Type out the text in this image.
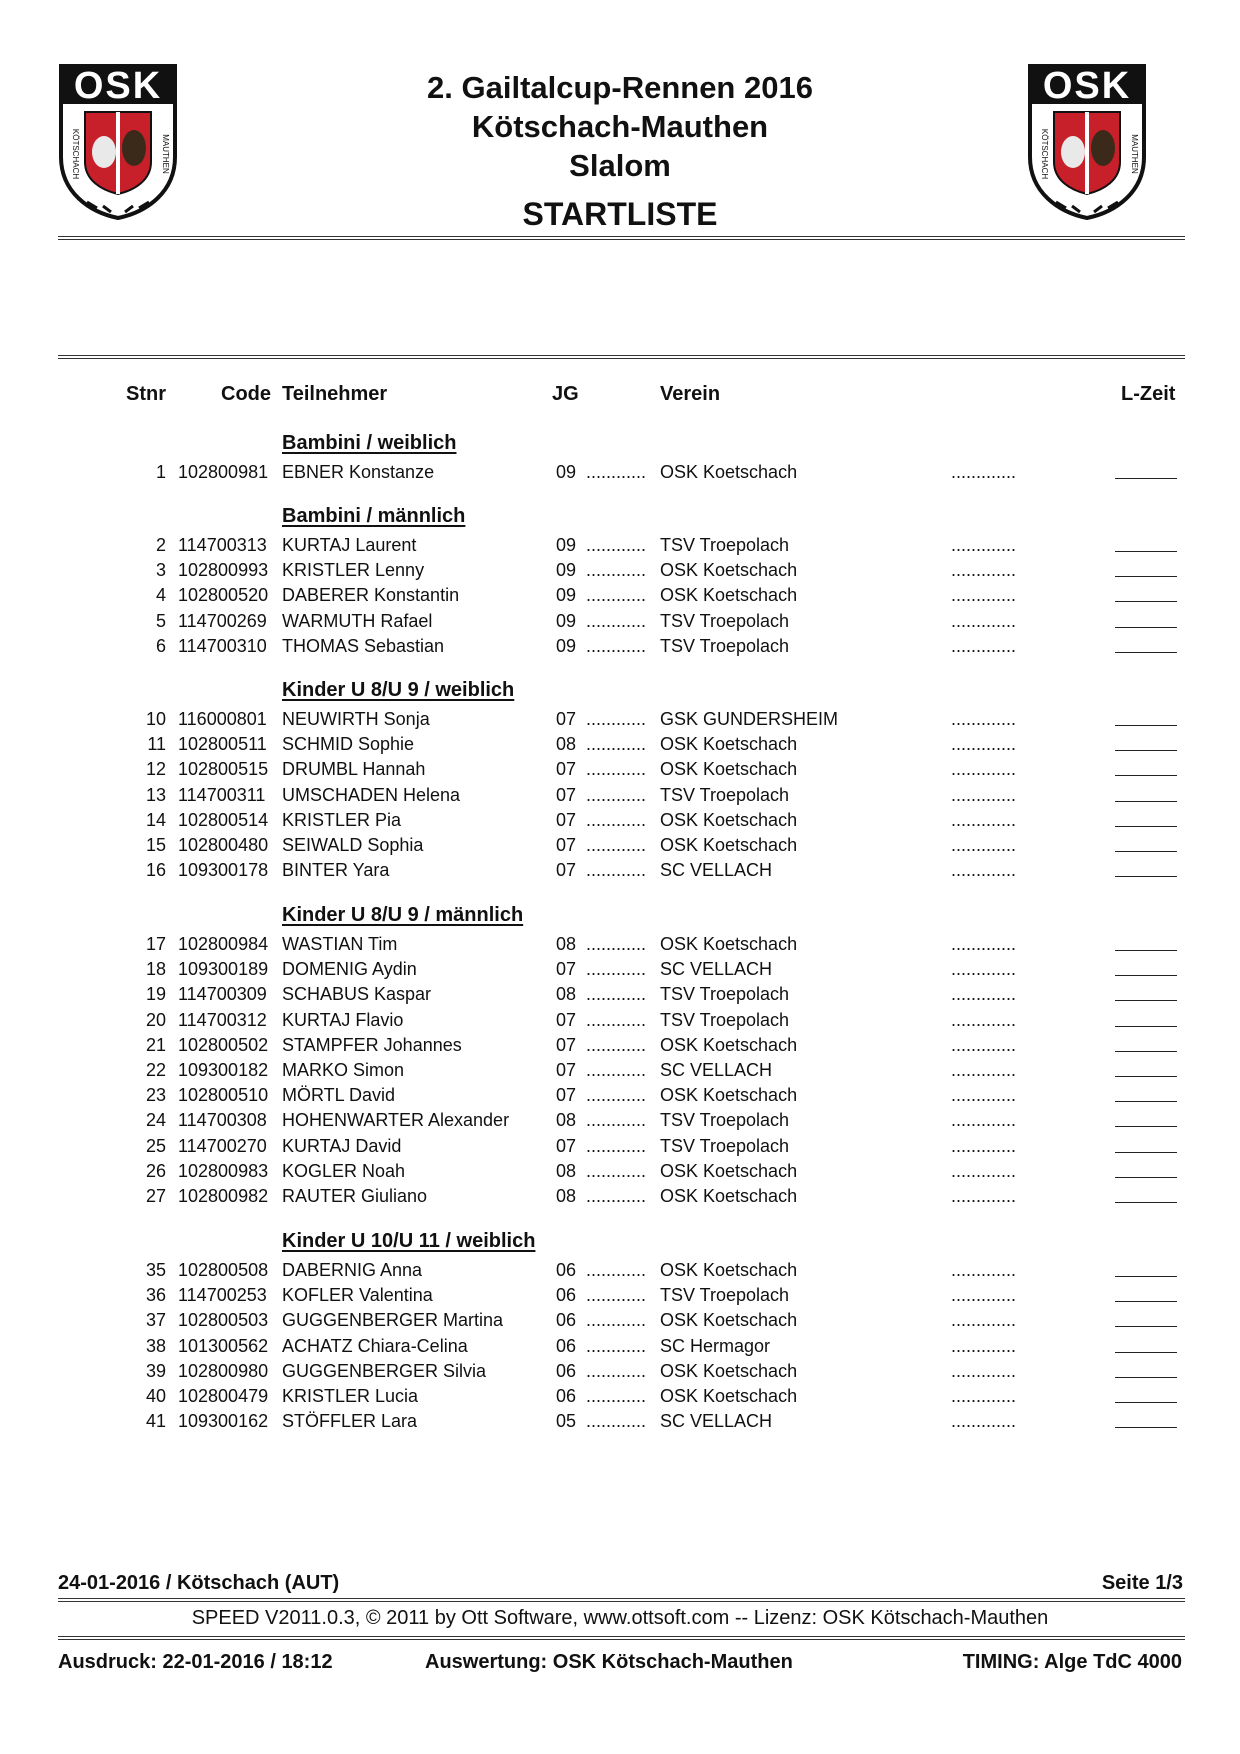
OSK
KÖTSCHACH	MAUTHEN
OSK
KÖTSCHACH	MAUTHEN
2. Gailtalcup-Rennen 2016
Kötschach-Mauthen
Slalom
STARTLISTE
Stnr	Code Teilnehmer	JG	Verein	L-Zeit
Bambini / weiblich
1 102800981 EBNER Konstanze	09 ............ OSK Koetschach	.............
Bambini / männlich
2 114700313 KURTAJ Laurent	09 ............ TSV Troepolach	.............
3 102800993 KRISTLER Lenny	09 ............ OSK Koetschach	.............
4 102800520 DABERER Konstantin	09 ............ OSK Koetschach	.............
5 114700269 WARMUTH Rafael	09 ............ TSV Troepolach	.............
6 114700310 THOMAS Sebastian	09 ............ TSV Troepolach	.............
Kinder U 8/U 9 / weiblich
10 116000801 NEUWIRTH Sonja	07 ............ GSK GUNDERSHEIM	.............
11 102800511 SCHMID Sophie	08 ............ OSK Koetschach	.............
12 102800515 DRUMBL Hannah	07 ............ OSK Koetschach	.............
13 114700311 UMSCHADEN Helena	07 ............ TSV Troepolach	.............
14 102800514 KRISTLER Pia	07 ............ OSK Koetschach	.............
15 102800480 SEIWALD Sophia	07 ............ OSK Koetschach	.............
16 109300178 BINTER Yara	07 ............ SC VELLACH	.............
Kinder U 8/U 9 / männlich
17 102800984 WASTIAN Tim	08 ............ OSK Koetschach	.............
18 109300189 DOMENIG Aydin	07 ............ SC VELLACH	.............
19 114700309 SCHABUS Kaspar	08 ............ TSV Troepolach	.............
20 114700312 KURTAJ Flavio	07 ............ TSV Troepolach	.............
21 102800502 STAMPFER Johannes	07 ............ OSK Koetschach	.............
22 109300182 MARKO Simon	07 ............ SC VELLACH	.............
23 102800510 MÖRTL David	07 ............ OSK Koetschach	.............
24 114700308 HOHENWARTER Alexander	08 ............ TSV Troepolach	.............
25 114700270 KURTAJ David	07 ............ TSV Troepolach	.............
26 102800983 KOGLER Noah	08 ............ OSK Koetschach	.............
27 102800982 RAUTER Giuliano	08 ............ OSK Koetschach	.............
Kinder U 10/U 11 / weiblich
35 102800508 DABERNIG Anna	06 ............ OSK Koetschach	.............
36 114700253 KOFLER Valentina	06 ............ TSV Troepolach	.............
37 102800503 GUGGENBERGER Martina	06 ............ OSK Koetschach	.............
38 101300562 ACHATZ Chiara-Celina	06 ............ SC Hermagor	.............
39 102800980 GUGGENBERGER Silvia	06 ............ OSK Koetschach	.............
40 102800479 KRISTLER Lucia	06 ............ OSK Koetschach	.............
41 109300162 STÖFFLER Lara	05 ............ SC VELLACH	.............
24-01-2016 / Kötschach (AUT)	Seite 1/3
SPEED V2011.0.3, © 2011 by Ott Software, www.ottsoft.com -- Lizenz: OSK Kötschach-Mauthen
Ausdruck: 22-01-2016 / 18:12	Auswertung: OSK Kötschach-Mauthen	TIMING: Alge TdC 4000
